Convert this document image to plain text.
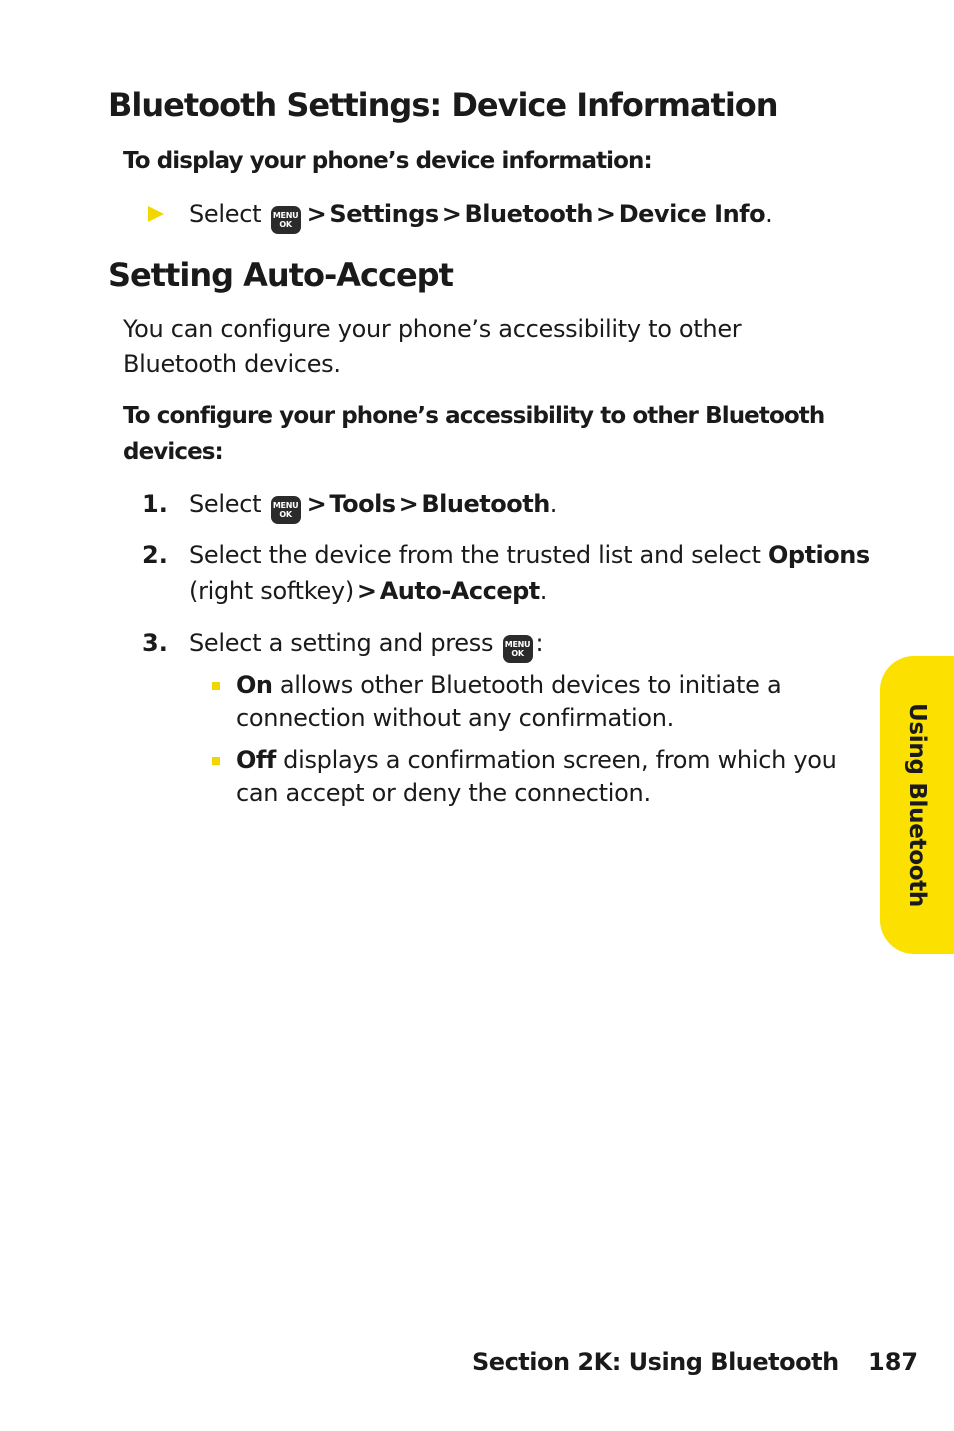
Bluetooth Settings: Device Information

To display your phone’s device information:

Select MENU
OK > Settings > Bluetooth > Device Info.
Setting Auto-Accept
You can configure your phone’s accessibility to other
Bluetooth devices.
To configure your phone’s accessibility to other Bluetooth
devices:
1. Select MENU
OK > Tools > Bluetooth.
2. Select the device from the trusted list and select Options
(right softkey) > Auto-Accept.
3. Select a setting and press MENU
OK :
On allows other Bluetooth devices to initiate a
connection without any confirmation.
Off displays a confirmation screen, from which you
can accept or deny the connection.	Using Bluetooth
Section 2K: Using Bluetooth 187
